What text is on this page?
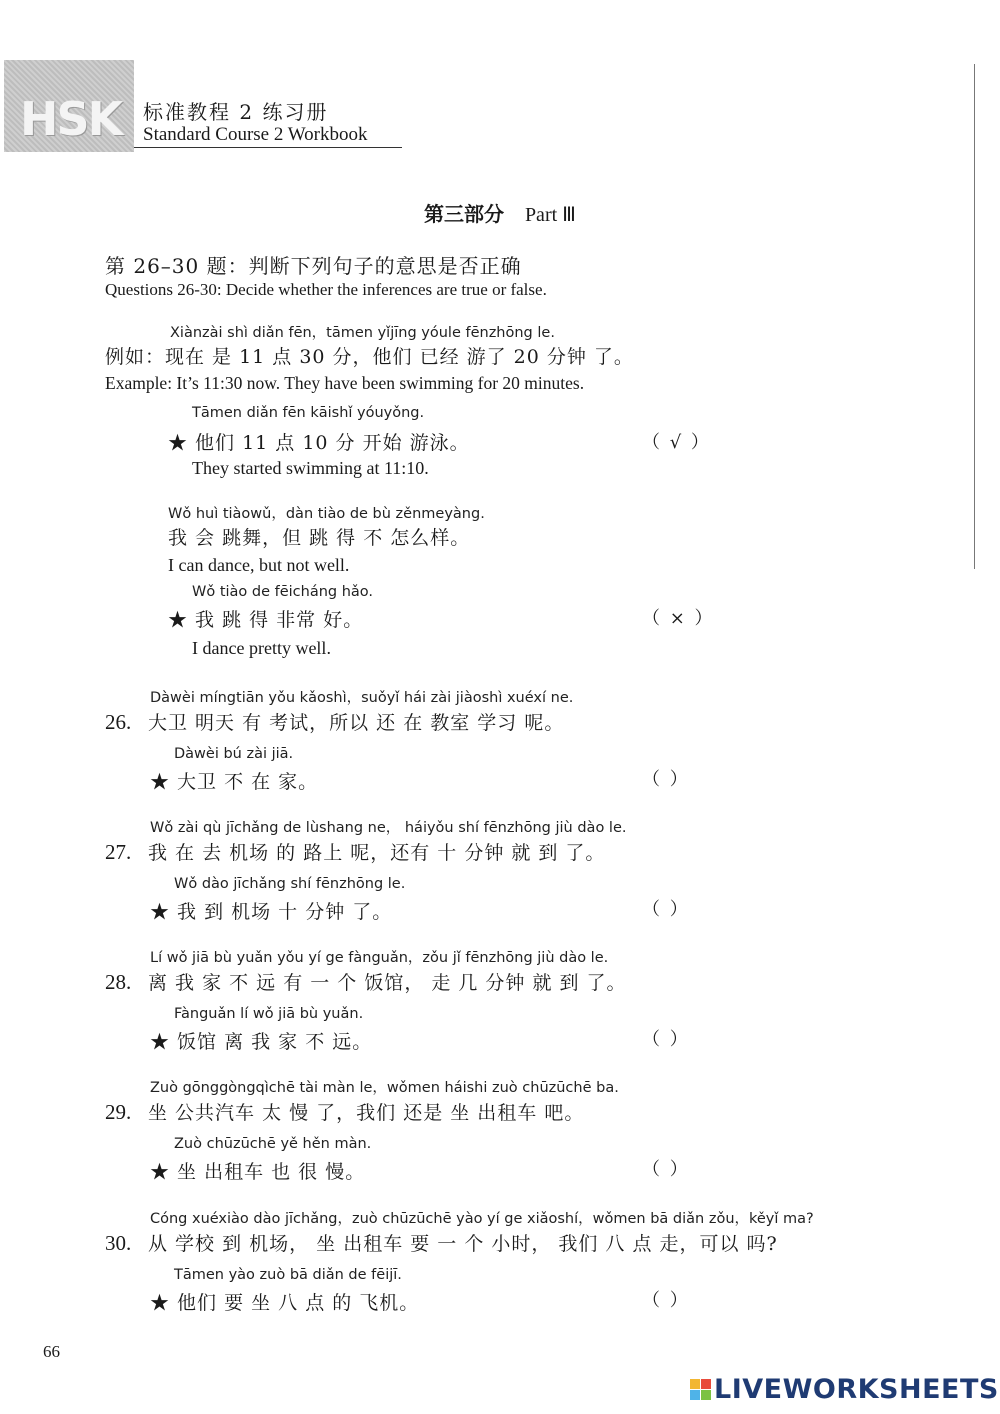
HSK 标准教程 2 练习册
Standard Course 2 Workbook
第三部分 Part Ⅲ
第 26–30 题：判断下列句子的意思是否正确
Questions 26-30: Decide whether the inferences are true or false.
Xiànzài shì diǎn fēn，tāmen yǐjīng yóule fēnzhōng le.
例如：现在 是 11 点 30 分，他们 已经 游了 20 分钟 了。
Example: It’s 11:30 now. They have been swimming for 20 minutes.
Tāmen diǎn fēn kāishǐ yóuyǒng.
★ 他们 11 点 10 分 开始 游泳。	（ √ ）
They started swimming at 11:10.
Wǒ huì tiàowǔ，dàn tiào de bù zěnmeyàng.
我 会 跳舞，但 跳 得 不 怎么样。
I can dance, but not well.
Wǒ tiào de fēicháng hǎo.
★ 我 跳 得 非常 好。	（ × ）
I dance pretty well.
Dàwèi míngtiān yǒu kǎoshì，suǒyǐ hái zài jiàoshì xuéxí ne.
26. 大卫 明天 有 考试，所以 还 在 教室 学习 呢。
Dàwèi bú zài jiā.
★ 大卫 不 在 家。	（ ）
Wǒ zài qù jīchǎng de lùshang ne， háiyǒu shí fēnzhōng jiù dào le.
27. 我 在 去 机场 的 路上 呢，还有 十 分钟 就 到 了。
Wǒ dào jīchǎng shí fēnzhōng le.
★ 我 到 机场 十 分钟 了。	（ ）
Lí wǒ jiā bù yuǎn yǒu yí ge fànguǎn，zǒu jǐ fēnzhōng jiù dào le.
28. 离 我 家 不 远 有 一 个 饭馆， 走 几 分钟 就 到 了。
Fànguǎn lí wǒ jiā bù yuǎn.
★ 饭馆 离 我 家 不 远。	（ ）
Zuò gōnggòngqìchē tài màn le，wǒmen háishi zuò chūzūchē ba.
29. 坐 公共汽车 太 慢 了，我们 还是 坐 出租车 吧。
Zuò chūzūchē yě hěn màn.
★ 坐 出租车 也 很 慢。	（ ）
Cóng xuéxiào dào jīchǎng，zuò chūzūchē yào yí ge xiǎoshí，wǒmen bā diǎn zǒu，kěyǐ ma?
30. 从 学校 到 机场， 坐 出租车 要 一 个 小时， 我们 八 点 走，可以 吗?
Tāmen yào zuò bā diǎn de fēijī.
★ 他们 要 坐 八 点 的 飞机。	（ ）
66
LIVEWORKSHEETS
